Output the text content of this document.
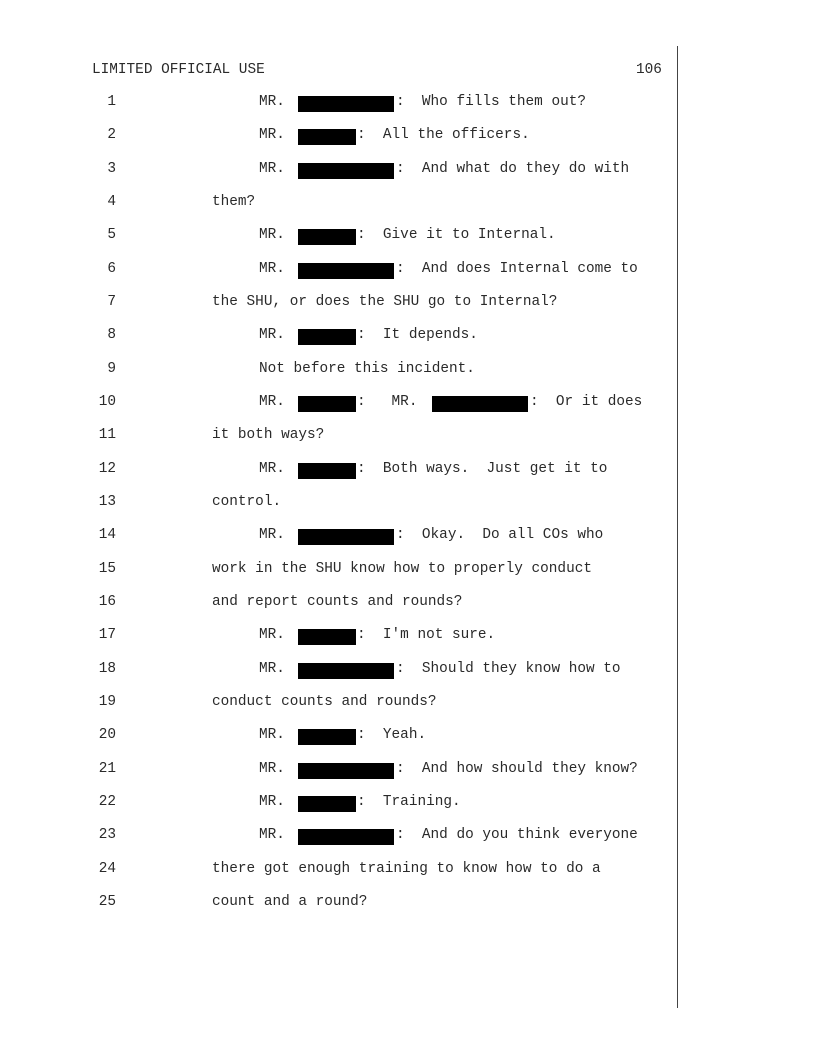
LIMITED OFFICIAL USE	106
1	MR.	:  Who fills them out?
2	MR.	:  All the officers.
3	MR.	:  And what do they do with
4	them?
5	MR.	:  Give it to Internal.
6	MR.	:  And does Internal come to
7	the SHU, or does the SHU go to Internal?
8	MR.	:  It depends.
9	Not before this incident.
10	MR.	:   MR.	:  Or it does
11	it both ways?
12	MR.	:  Both ways.  Just get it to
13	control.
14	MR.	:  Okay.  Do all COs who
15	work in the SHU know how to properly conduct
16	and report counts and rounds?
17	MR.	:  I'm not sure.
18	MR.	:  Should they know how to
19	conduct counts and rounds?
20	MR.	:  Yeah.
21	MR.	:  And how should they know?
22	MR.	:  Training.
23	MR.	:  And do you think everyone
24	there got enough training to know how to do a
25	count and a round?
